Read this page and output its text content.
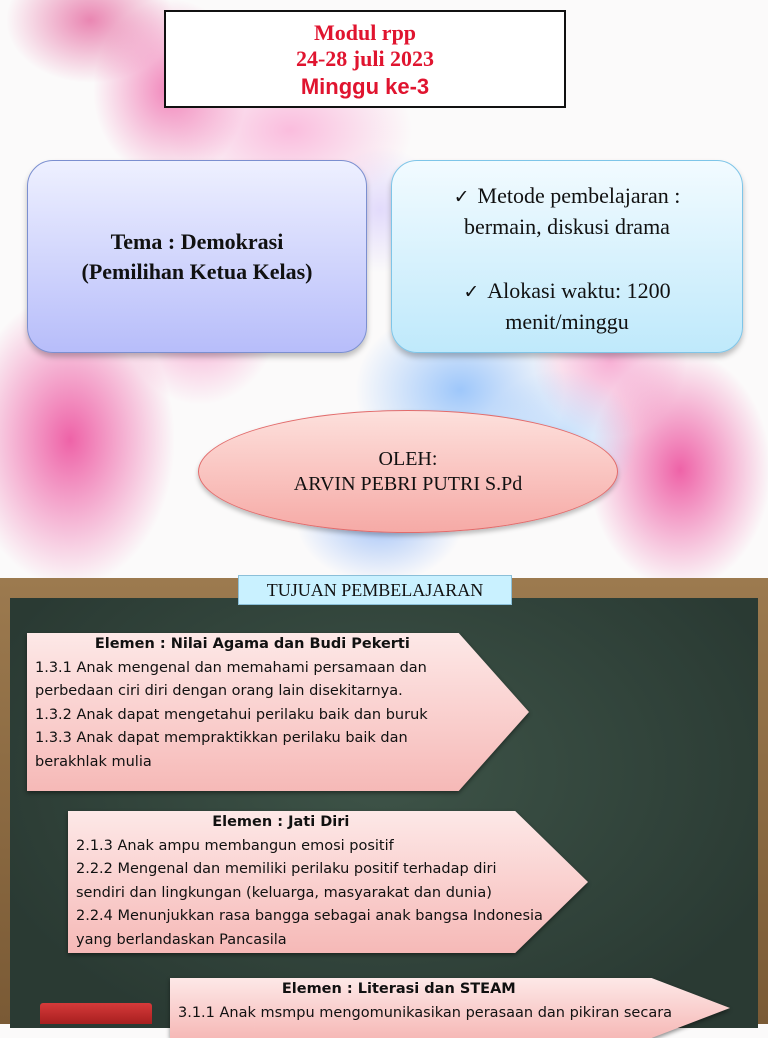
Modul rpp
24-28 juli 2023
Minggu ke-3
Tema : Demokrasi
(Pemilihan Ketua Kelas)
✓ Metode pembelajaran :
bermain, diskusi drama
✓ Alokasi waktu: 1200
menit/minggu
OLEH:
ARVIN PEBRI PUTRI S.Pd
TUJUAN PEMBELAJARAN
Elemen : Nilai Agama dan Budi Pekerti
1.3.1 Anak mengenal dan memahami persamaan dan
perbedaan ciri diri dengan orang lain disekitarnya.
1.3.2 Anak dapat mengetahui perilaku baik dan buruk
1.3.3 Anak dapat mempraktikkan perilaku baik dan
berakhlak mulia
Elemen : Jati Diri
2.1.3 Anak ampu membangun emosi positif
2.2.2 Mengenal dan memiliki perilaku positif terhadap diri
sendiri dan lingkungan (keluarga, masyarakat dan dunia)
2.2.4 Menunjukkan rasa bangga sebagai anak bangsa Indonesia
yang berlandaskan Pancasila
Elemen : Literasi dan STEAM
3.1.1 Anak msmpu mengomunikasikan perasaan dan pikiran secara
